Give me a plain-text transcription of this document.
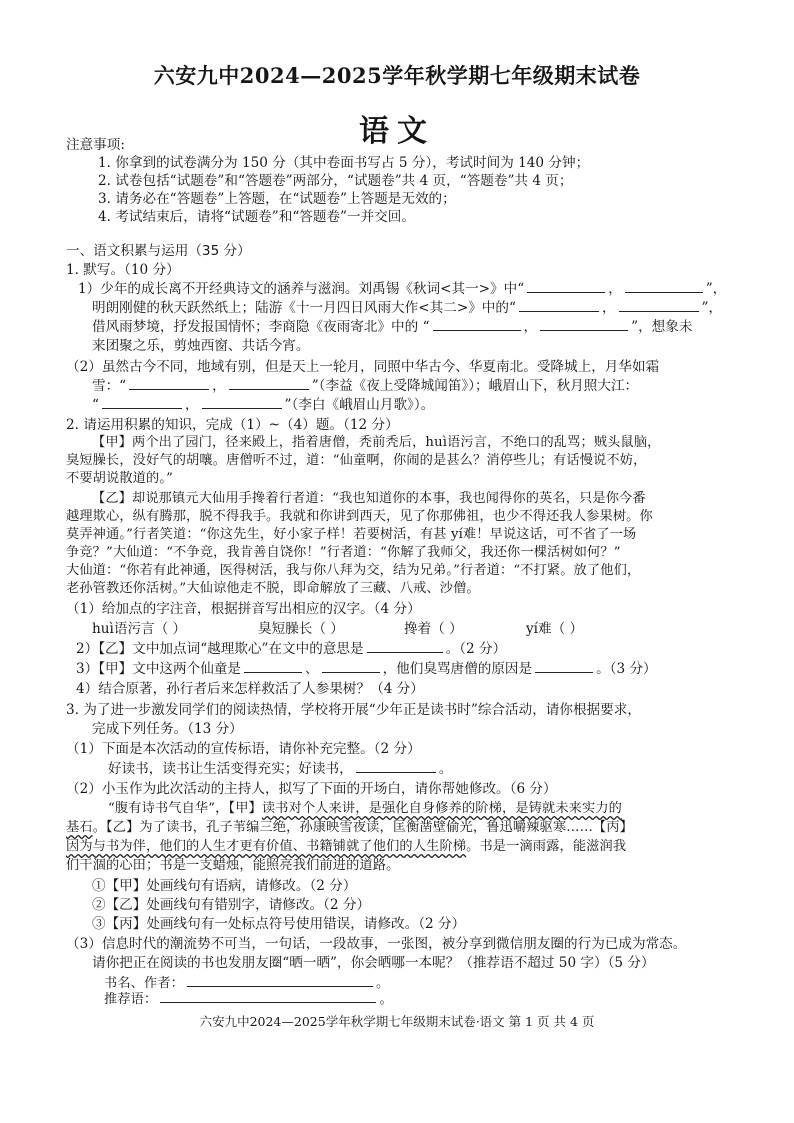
六安九中2024—2025学年秋学期七年级期末试卷
语文
注意事项:
1. 你拿到的试卷满分为 150 分（其中卷面书写占 5 分），考试时间为 140 分钟；
2. 试卷包括“试题卷”和“答题卷”两部分，“试题卷”共 4 页，“答题卷”共 4 页；
3. 请务必在“答题卷”上答题，在“试题卷”上答题是无效的；
4. 考试结束后，请将“试题卷”和“答题卷”一并交回。
一、语文积累与运用（35 分）
1. 默写。（10 分）
1）少年的成长离不开经典诗文的涵养与滋润。刘禹锡《秋词<其一>》中“	，	”，
明朗刚健的秋天跃然纸上；陆游《十一月四日风雨大作<其二>》中的“	，	”，
借风雨梦境，抒发报国情怀；李商隐《夜雨寄北》中的 “	，	”，想象未
来团聚之乐，剪烛西窗、共话今宵。
（2）虽然古今不同，地域有别，但是天上一轮月，同照中华古今、华夏南北。受降城上，月华如霜
雪：“	，	”（李益《夜上受降城闻笛》）；峨眉山下，秋月照大江：
“	，	”（李白《峨眉山月歌》）。
2. 请运用积累的知识，完成（1）~（4）题。（12 分）
【甲】两个出了园门，径来殿上，指着唐僧，秃前秃后，huì语污言，不绝口的乱骂；贼头鼠脑，
臭短臊长，没好气的胡嚷。唐僧听不过，道：“仙童啊，你闹的是甚么？消停些儿；有话慢说不妨，
不要胡说散道的。”
【乙】却说那镇元大仙用手搀着行者道：“我也知道你的本事，我也闻得你的英名，只是你今番
越理欺心，纵有腾那，脱不得我手。我就和你讲到西天，见了你那佛祖，也少不得还我人参果树。你
莫弄神通。”行者笑道：“你这先生，好小家子样！若要树活，有甚 yí难！早说这话，可不省了一场
争竞？”大仙道：“不争竞，我肯善自饶你！”行者道：“你解了我师父，我还你一棵活树如何？”
大仙道：“你若有此神通，医得树活，我与你八拜为交，结为兄弟。”行者道：“不打紧。放了他们，
老孙管教还你活树。”大仙谅他走不脱，即命解放了三藏、八戒、沙僧。
（1）给加点的字注音，根据拼音写出相应的汉字。（4 分）
huì语污言（ ）	臭短臊长（ ）	搀着（ ）	yí难（ ）
2）【乙】文中加点词“越理欺心”在文中的意思是	。（2 分）
3）【甲】文中这两个仙童是	、	，他们臭骂唐僧的原因是	。（3 分）
4）结合原著，孙行者后来怎样救活了人参果树？（4 分）
3. 为了进一步激发同学们的阅读热情，学校将开展“少年正是读书时”综合活动，请你根据要求，
完成下列任务。（13 分）
（1）下面是本次活动的宣传标语，请你补充完整。（2 分）
好读书，读书让生活变得充实；好读书，	。
（2）小玉作为此次活动的主持人，拟写了下面的开场白，请你帮她修改。（6 分）
“腹有诗书气自华”，【甲】读书对个人来讲，是强化自身修养的阶梯，是铸就未来实力的
基石。【乙】为了读书，孔子苇编三绝，孙康映雪夜读，匡衡凿壁偷光，鲁迅嚼辣驱寒……【丙】
因为与书为伴，他们的人生才更有价值、书籍铺就了他们的人生阶梯。书是一滴雨露，能滋润我
们干涸的心田；书是一支蜡烛，能照亮我们前进的道路。
①【甲】处画线句有语病，请修改。（2 分）
②【乙】处画线句有错别字，请修改。（2 分）
③【丙】处画线句有一处标点符号使用错误，请修改。（2 分）
（3）信息时代的潮流势不可当，一句话，一段故事，一张图，被分享到微信朋友圈的行为已成为常态。
请你把正在阅读的书也发朋友圈“晒一晒”，你会晒哪一本呢？（推荐语不超过 50 字）（5 分）
书名、作者：	。
推荐语：	。
六安九中2024—2025学年秋学期七年级期末试卷·语文 第 1 页 共 4 页
